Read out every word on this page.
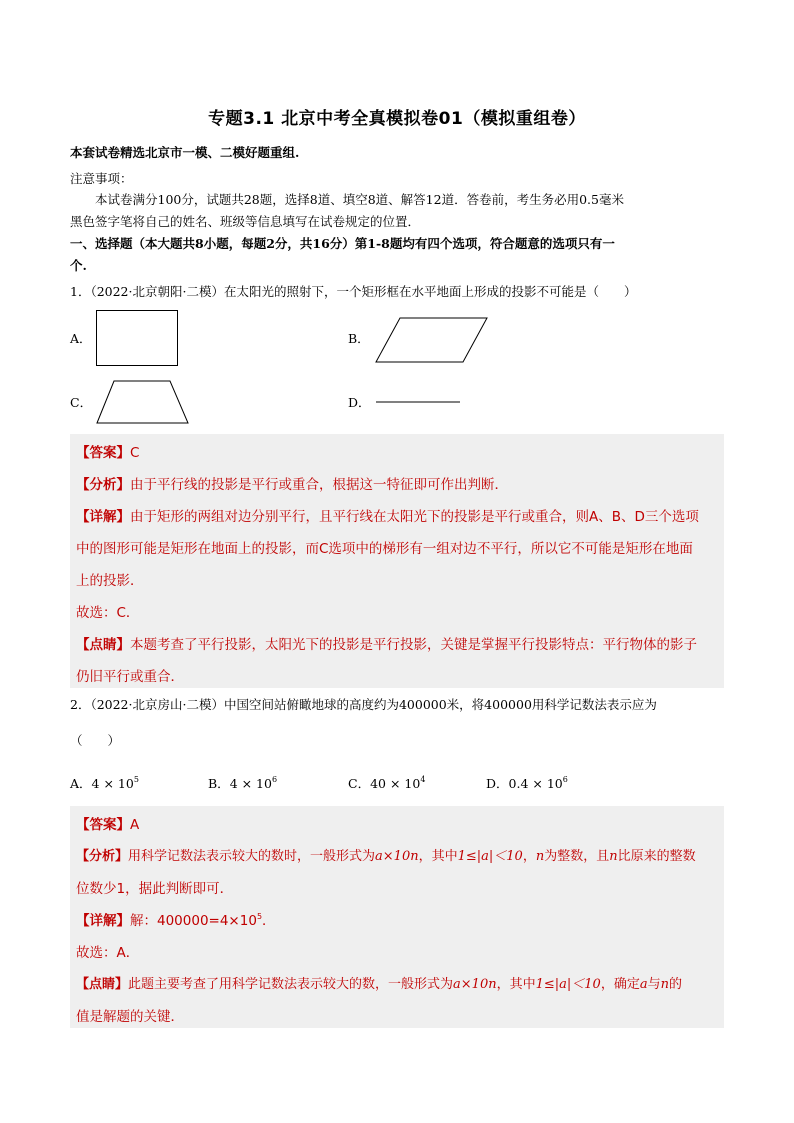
专题3.1 北京中考全真模拟卷01（模拟重组卷）
本套试卷精选北京市一模、二模好题重组.
注意事项：
本试卷满分100分，试题共28题，选择8道、填空8道、解答12道．答卷前，考生务必用0.5毫米
黑色签字笔将自己的姓名、班级等信息填写在试卷规定的位置．
一、选择题（本大题共8小题，每题2分，共16分）第1-8题均有四个选项，符合题意的选项只有一
个.
1．（2022·北京朝阳·二模）在太阳光的照射下，一个矩形框在水平地面上形成的投影不可能是（　　）
A．	B．
C．	D．
【答案】C
【分析】由于平行线的投影是平行或重合，根据这一特征即可作出判断．
【详解】由于矩形的两组对边分别平行，且平行线在太阳光下的投影是平行或重合，则A、B、D三个选项
中的图形可能是矩形在地面上的投影，而C选项中的梯形有一组对边不平行，所以它不可能是矩形在地面
上的投影．
故选：C．
【点睛】本题考查了平行投影，太阳光下的投影是平行投影，关键是掌握平行投影特点：平行物体的影子
仍旧平行或重合．
2．（2022·北京房山·二模）中国空间站俯瞰地球的高度约为400000米，将400000用科学记数法表示应为
（　　）
A．$4 \times 10^5$	B．$4 \times 10^6$	C．$40 \times 10^4$	D．$0.4 \times 10^6$
【答案】A
【分析】用科学记数法表示较大的数时，一般形式为a×10n，其中1≤|a|＜10，n为整数，且n比原来的整数
位数少1，据此判断即可．
【详解】解：$400000=4\times 10^5$．
故选：A．
【点睛】此题主要考查了用科学记数法表示较大的数，一般形式为a×10n，其中1≤|a|＜10，确定a与n的
值是解题的关键．
